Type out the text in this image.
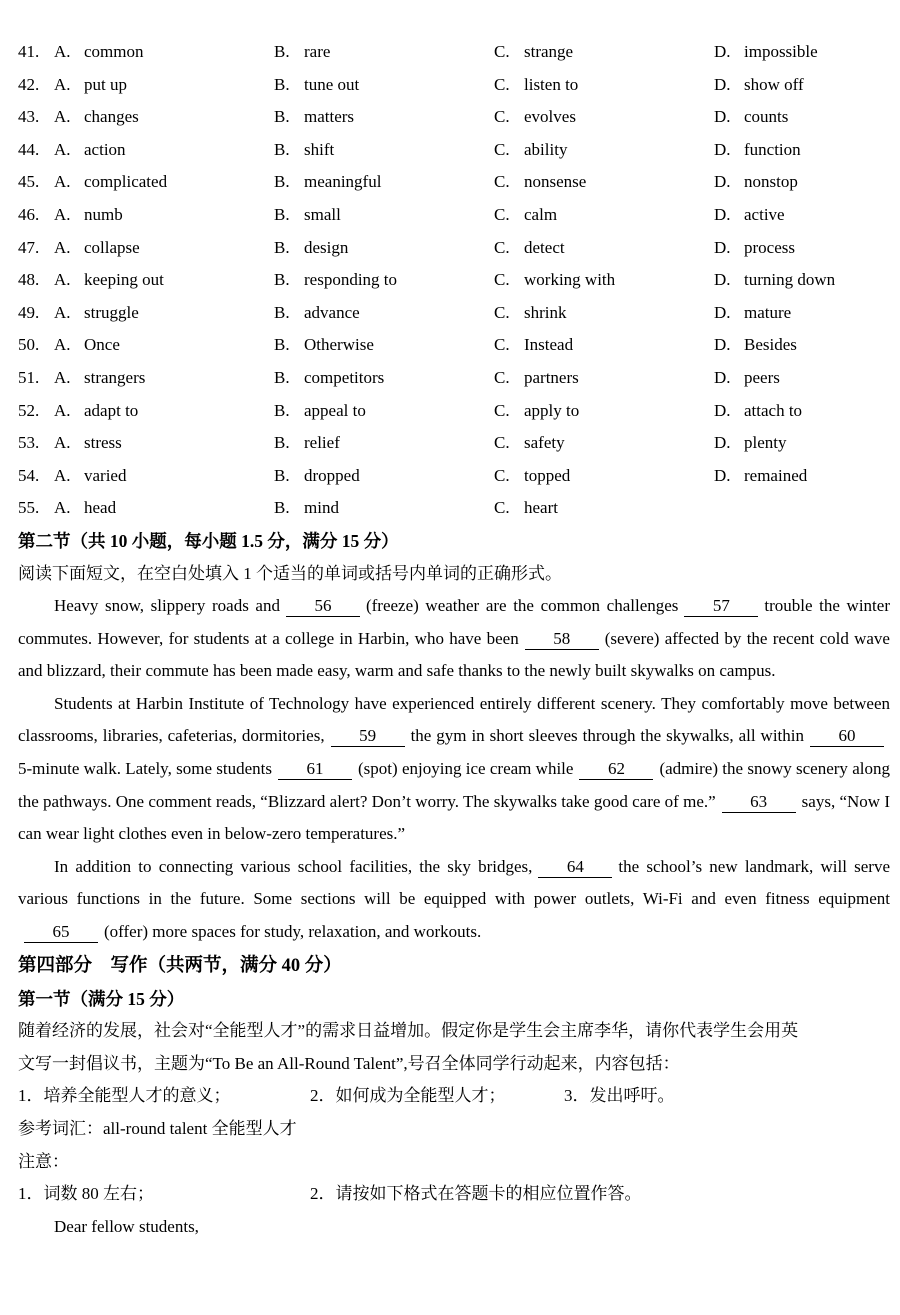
41. A. common	B. rare	C. strange	D. impossible
42. A. put up	B. tune out	C. listen to	D. show off
43. A. changes	B. matters	C. evolves	D. counts
44. A. action	B. shift	C. ability	D. function
45. A. complicated	B. meaningful	C. nonsense	D. nonstop
46. A. numb	B. small	C. calm	D. active
47. A. collapse	B. design	C. detect	D. process
48. A. keeping out	B. responding to	C. working with	D. turning down
49. A. struggle	B. advance	C. shrink	D. mature
50. A. Once	B. Otherwise	C. Instead	D. Besides
51. A. strangers	B. competitors	C. partners	D. peers
52. A. adapt to	B. appeal to	C. apply to	D. attach to
53. A. stress	B. relief	C. safety	D. plenty
54. A. varied	B. dropped	C. topped	D. remained
55. A. head	B. mind	C. heart
第二节（共 10 小题，每小题 1.5 分，满分 15 分）
阅读下面短文，在空白处填入 1 个适当的单词或括号内单词的正确形式。

Heavy snow, slippery roads and 56 (freeze) weather are the common challenges 57 trouble the winter commutes. However, for students at a college in Harbin, who have been 58 (severe) affected by the recent cold wave and blizzard, their commute has been made easy, warm and safe thanks to the newly built skywalks on campus.

Students at Harbin Institute of Technology have experienced entirely different scenery. They comfortably move between classrooms, libraries, cafeterias, dormitories, 59 the gym in short sleeves through the skywalks, all within 605-minute walk. Lately, some students 61 (spot) enjoying ice cream while 62 (admire) the snowy scenery along the pathways. One comment reads, “Blizzard alert? Don’t worry. The skywalks take good care of me.” 63 says, “Now I can wear light clothes even in below-zero temperatures.”

In addition to connecting various school facilities, the sky bridges, 64 the school’s new landmark, will serve various functions in the future. Some sections will be equipped with power outlets, Wi-Fi and even fitness equipment65 (offer) more spaces for study, relaxation, and workouts.

第四部分　写作（共两节，满分 40 分）
第一节（满分 15 分）
随着经济的发展，社会对“全能型人才”的需求日益增加。假定你是学生会主席李华，请你代表学生会用英
文写一封倡议书，主题为“To Be an All-Round Talent”,号召全体同学行动起来，内容包括：
1．培养全能型人才的意义；	2．如何成为全能型人才；	3．发出呼吁。
参考词汇：all-round talent 全能型人才
注意：
1．词数 80 左右；	2．请按如下格式在答题卡的相应位置作答。
Dear fellow students,
